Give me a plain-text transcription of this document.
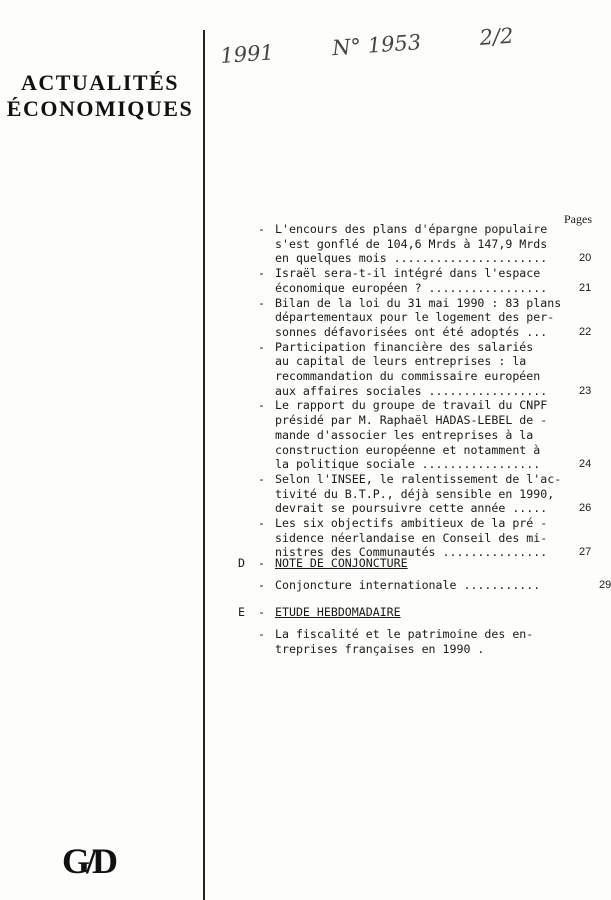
ACTUALITÉS
ÉCONOMIQUES
1991	N° 1953	2/2
Pages
- L'encours des plans d'épargne populaire
s'est gonflé de 104,6 Mrds à 147,9 Mrds
en quelques mois ......................	20
- Israël sera-t-il intégré dans l'espace
économique européen ? .................	21
- Bilan de la loi du 31 mai 1990 : 83 plans
départementaux pour le logement des per-
sonnes défavorisées ont été adoptés ...	22
- Participation financière des salariés
au capital de leurs entreprises : la
recommandation du commissaire européen
aux affaires sociales .................	23
- Le rapport du groupe de travail du CNPF
présidé par M. Raphaël HADAS-LEBEL de -
mande d'associer les entreprises à la
construction européenne et notamment à
la politique sociale .................	24
- Selon l'INSEE, le ralentissement de l'ac-
tivité du B.T.P., déjà sensible en 1990,
devrait se poursuivre cette année .....	26
- Les six objectifs ambitieux de la pré -
sidence néerlandaise en Conseil des mi-
nistres des Communautés ...............	27
D - NOTE DE CONJONCTURE
- Conjoncture internationale ...........	29
E - ETUDE HEBDOMADAIRE
- La fiscalité et le patrimoine des en-
treprises françaises en 1990 .
G/D
